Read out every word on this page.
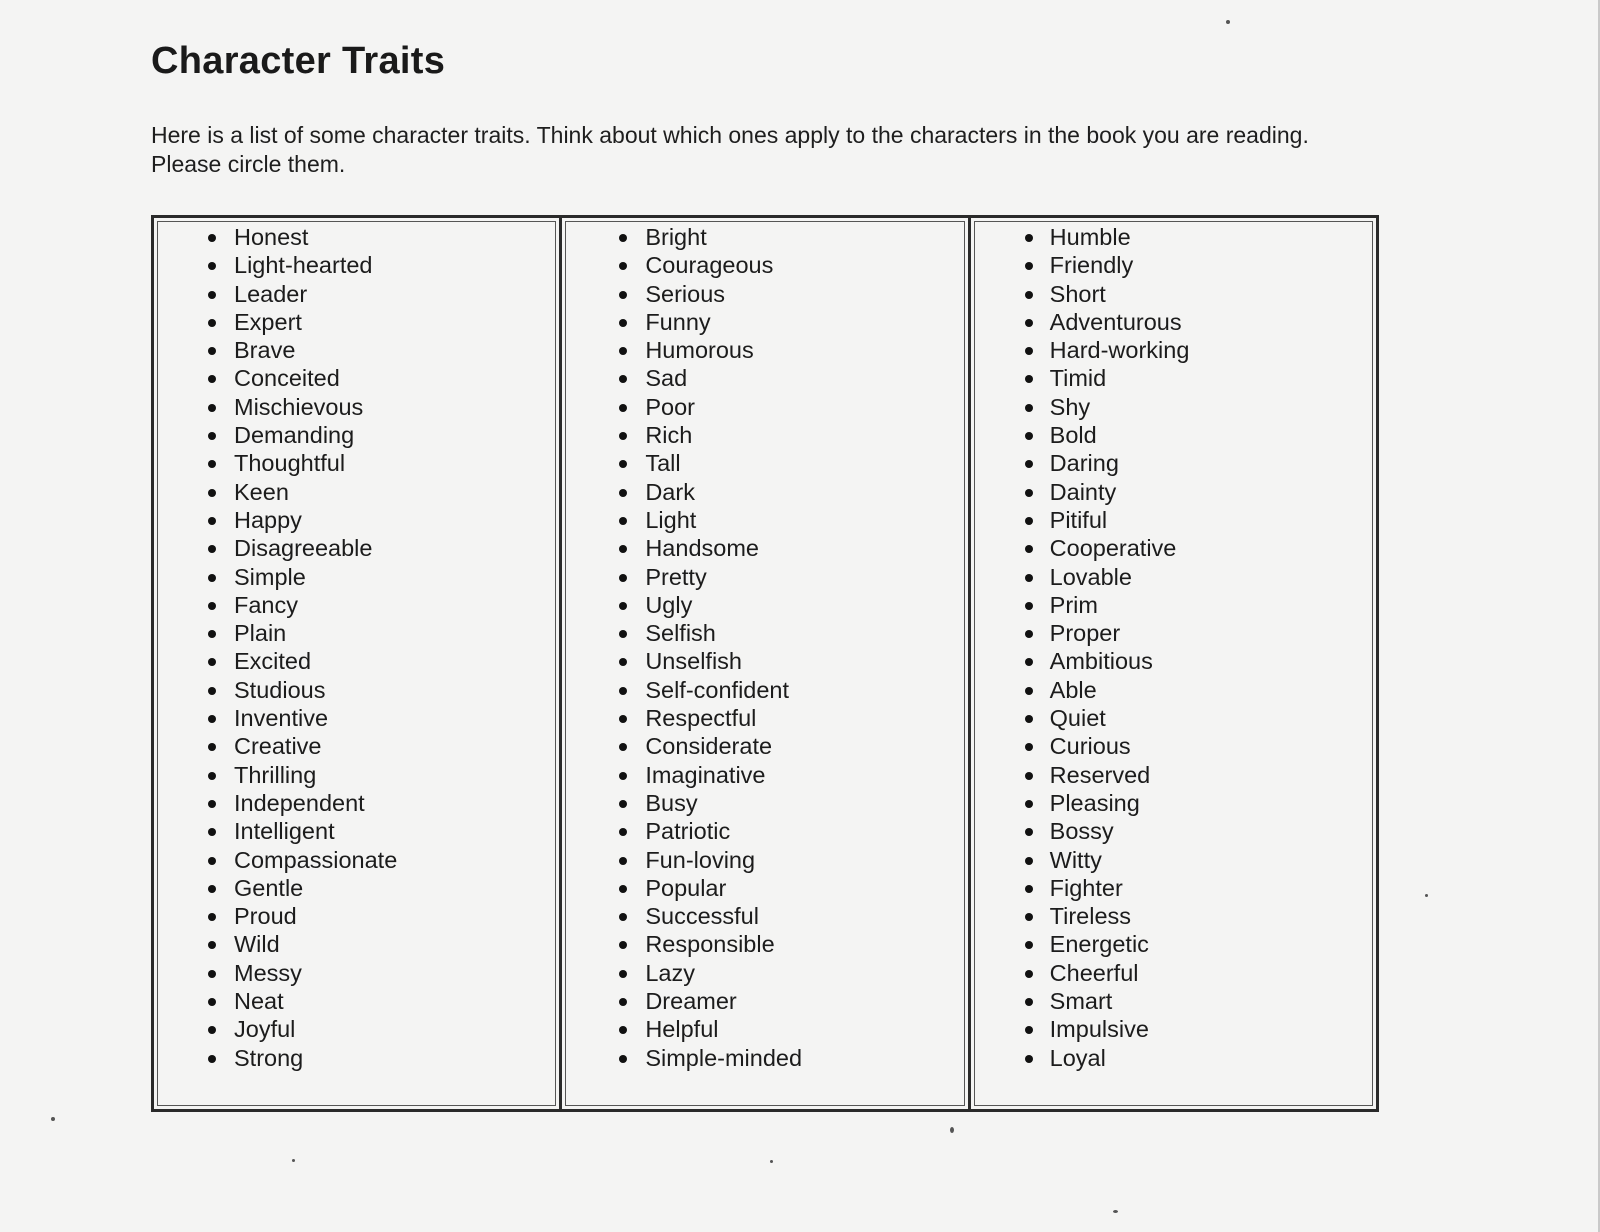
Character Traits

Here is a list of some character traits. Think about which ones apply to the characters in the book you are reading. Please circle them.

Honest
Light-hearted
Leader
Expert
Brave
Conceited
Mischievous
Demanding
Thoughtful
Keen
Happy
Disagreeable
Simple
Fancy
Plain
Excited
Studious
Inventive
Creative
Thrilling
Independent
Intelligent
Compassionate
Gentle
Proud
Wild
Messy
Neat
Joyful
Strong
Bright
Courageous
Serious
Funny
Humorous
Sad
Poor
Rich
Tall
Dark
Light
Handsome
Pretty
Ugly
Selfish
Unselfish
Self-confident
Respectful
Considerate
Imaginative
Busy
Patriotic
Fun-loving
Popular
Successful
Responsible
Lazy
Dreamer
Helpful
Simple-minded
Humble
Friendly
Short
Adventurous
Hard-working
Timid
Shy
Bold
Daring
Dainty
Pitiful
Cooperative
Lovable
Prim
Proper
Ambitious
Able
Quiet
Curious
Reserved
Pleasing
Bossy
Witty
Fighter
Tireless
Energetic
Cheerful
Smart
Impulsive
Loyal
